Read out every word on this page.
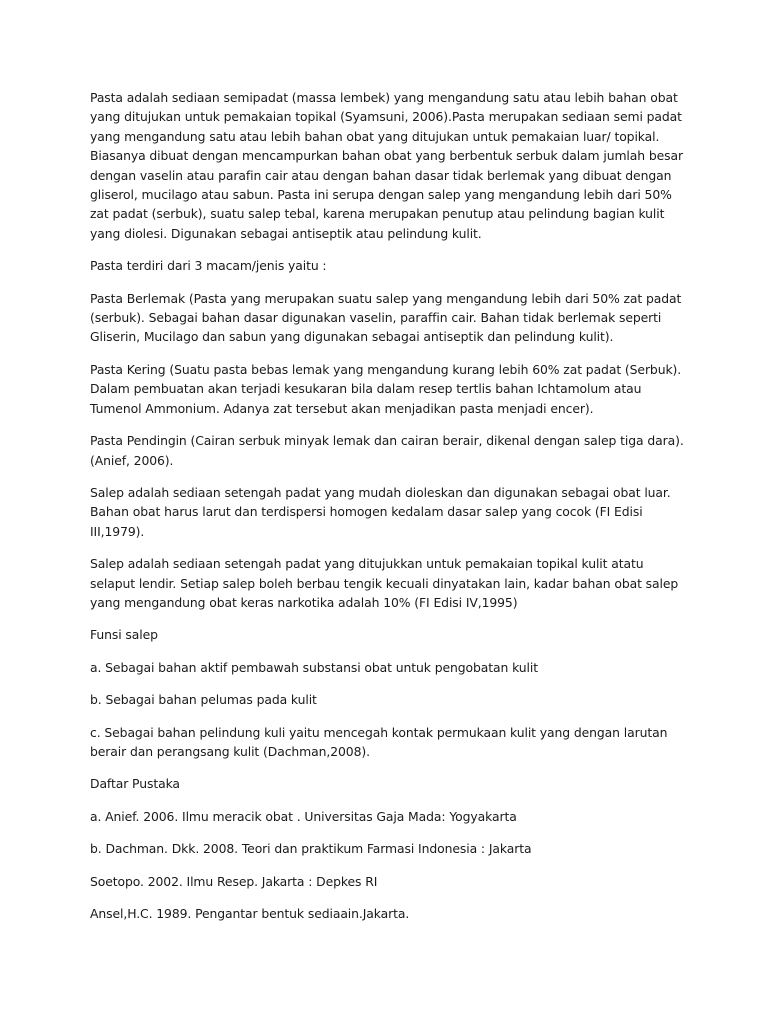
Pasta adalah sediaan semipadat (massa lembek) yang mengandung satu atau lebih bahan obat yang ditujukan untuk pemakaian topikal (Syamsuni, 2006).Pasta merupakan sediaan semi padat yang mengandung satu atau lebih bahan obat yang ditujukan untuk pemakaian luar/ topikal. Biasanya dibuat dengan mencampurkan bahan obat yang berbentuk serbuk dalam jumlah besar dengan vaselin atau parafin cair atau dengan bahan dasar tidak berlemak yang dibuat dengan gliserol, mucilago atau sabun. Pasta ini serupa dengan salep yang mengandung lebih dari 50% zat padat (serbuk), suatu salep tebal, karena merupakan penutup atau pelindung bagian kulit yang diolesi. Digunakan sebagai antiseptik atau pelindung kulit.

Pasta terdiri dari 3 macam/jenis yaitu :

Pasta Berlemak (Pasta yang merupakan suatu salep yang mengandung lebih dari 50% zat padat (serbuk). Sebagai bahan dasar digunakan vaselin, paraffin cair. Bahan tidak berlemak seperti Gliserin, Mucilago dan sabun yang digunakan sebagai antiseptik dan pelindung kulit).

Pasta Kering (Suatu pasta bebas lemak yang mengandung kurang lebih 60% zat padat (Serbuk). Dalam pembuatan akan terjadi kesukaran bila dalam resep tertlis bahan Ichtamolum atau Tumenol Ammonium. Adanya zat tersebut akan menjadikan pasta menjadi encer).

Pasta Pendingin (Cairan serbuk minyak lemak dan cairan berair, dikenal dengan salep tiga dara). (Anief, 2006).

Salep adalah sediaan setengah padat yang mudah dioleskan dan digunakan sebagai obat luar. Bahan obat harus larut dan terdispersi homogen kedalam dasar salep yang cocok (FI Edisi III,1979).

Salep adalah sediaan setengah padat yang ditujukkan untuk pemakaian topikal kulit atatu selaput lendir. Setiap salep boleh berbau tengik kecuali dinyatakan lain, kadar bahan obat salep yang mengandung obat keras narkotika adalah 10% (FI Edisi IV,1995)

Funsi salep

a. Sebagai bahan aktif pembawah substansi obat untuk pengobatan kulit

b. Sebagai bahan pelumas pada kulit

c. Sebagai bahan pelindung kuli yaitu mencegah kontak permukaan kulit yang dengan larutan berair dan perangsang kulit (Dachman,2008).

Daftar Pustaka

a. Anief. 2006. Ilmu meracik obat . Universitas Gaja Mada: Yogyakarta

b. Dachman. Dkk. 2008. Teori dan praktikum Farmasi Indonesia : Jakarta

Soetopo. 2002. Ilmu Resep. Jakarta : Depkes RI

Ansel,H.C. 1989. Pengantar bentuk sediaain.Jakarta.
